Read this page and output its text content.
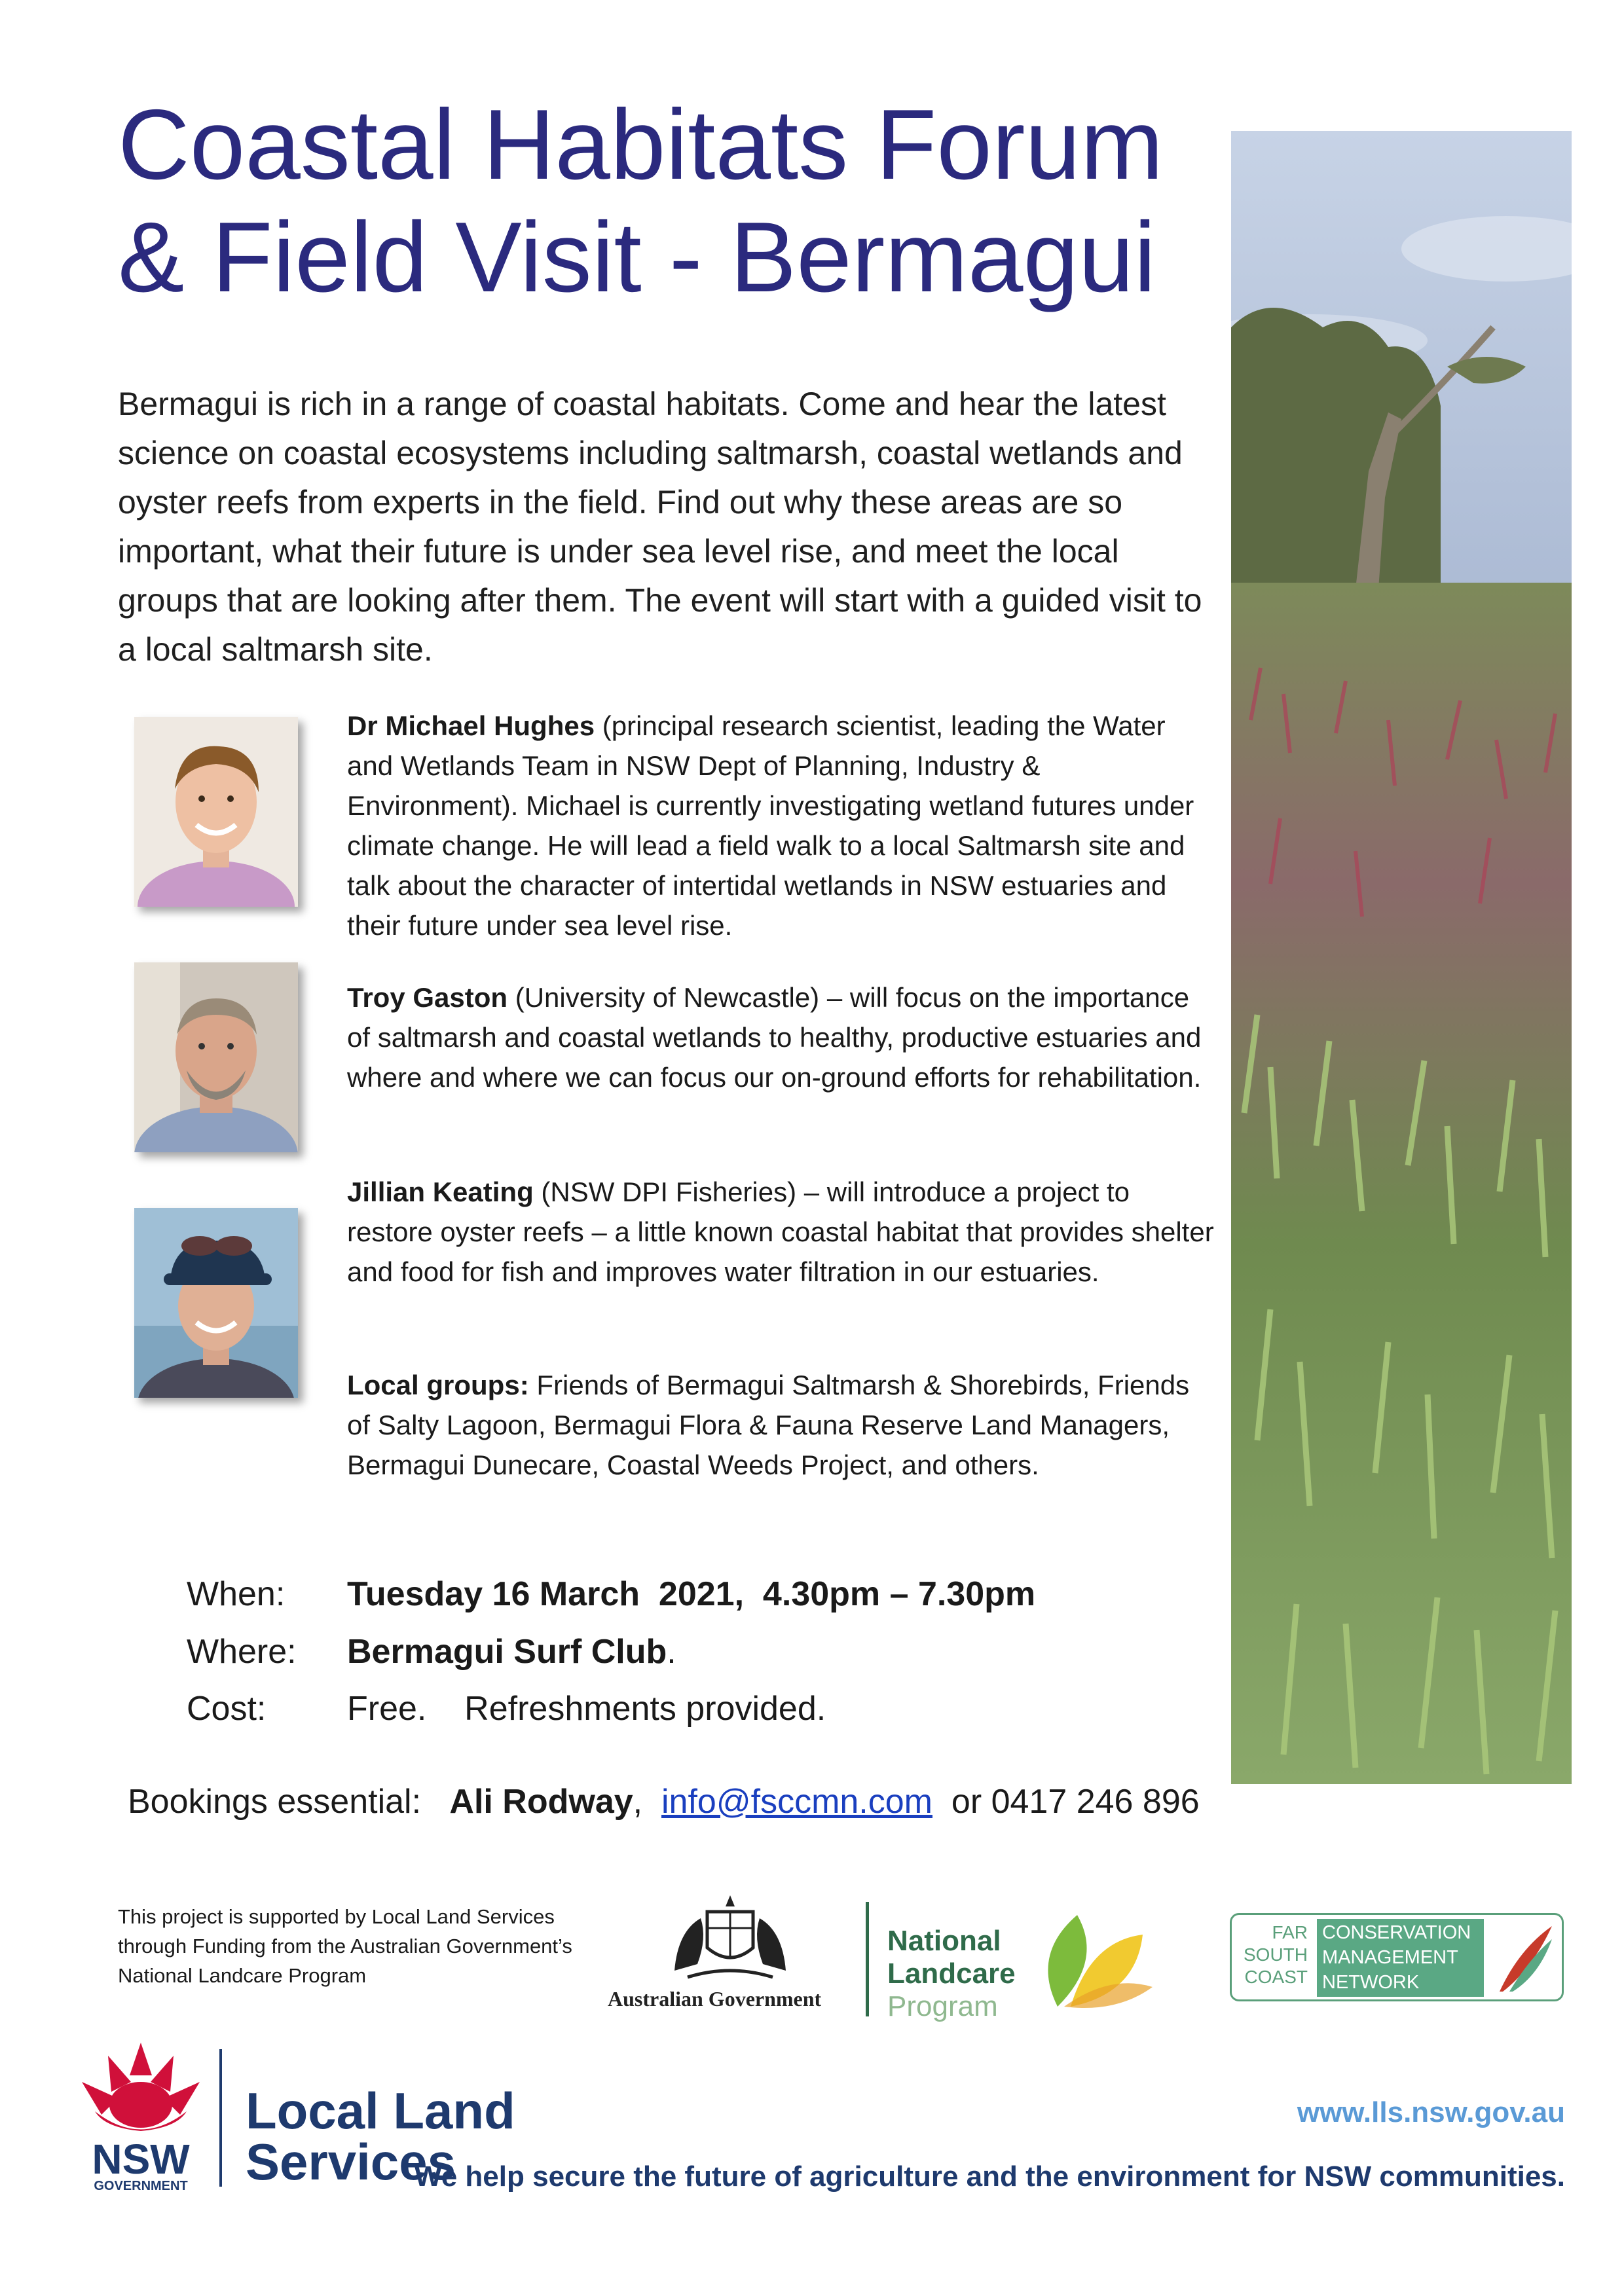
Coastal Habitats Forum & Field Visit - Bermagui

Bermagui is rich in a range of coastal habitats. Come and hear the latest science on coastal ecosystems including saltmarsh, coastal wetlands and oyster reefs from experts in the field. Find out why these areas are so important, what their future is under sea level rise, and meet the local groups that are looking after them. The event will start with a guided visit to a local saltmarsh site.

Dr Michael Hughes (principal research scientist, leading the Water and Wetlands Team in NSW Dept of Planning, Industry & Environment). Michael is currently investigating wetland futures under climate change. He will lead a field walk to a local Saltmarsh site and talk about the character of intertidal wetlands in NSW estuaries and their future under sea level rise.

Troy Gaston (University of Newcastle) – will focus on the importance of saltmarsh and coastal wetlands to healthy, productive estuaries and where and where we can focus our on-ground efforts for rehabilitation.

Jillian Keating (NSW DPI Fisheries) – will introduce a project to restore oyster reefs – a little known coastal habitat that provides shelter and food for fish and improves water filtration in our estuaries.

Local groups: Friends of Bermagui Saltmarsh & Shorebirds, Friends of Salty Lagoon, Bermagui Flora & Fauna Reserve Land Managers, Bermagui Dunecare, Coastal Weeds Project, and others.

When:	Tuesday 16 March  2021,  4.30pm – 7.30pm
Where:	Bermagui Surf Club.
Cost:	Free.    Refreshments provided.
Bookings essential:   Ali Rodway,  info@fsccmn.com  or 0417 246 896

This project is supported by Local Land Services through Funding from the Australian Government’s National Landcare Program

Australian Government
National
Landcare
Program
FAR
SOUTH
COAST
CONSERVATION
MANAGEMENT
NETWORK
NSW
GOVERNMENT
Local Land
Services
www.lls.nsw.gov.au
We help secure the future of agriculture and the environment for NSW communities.
